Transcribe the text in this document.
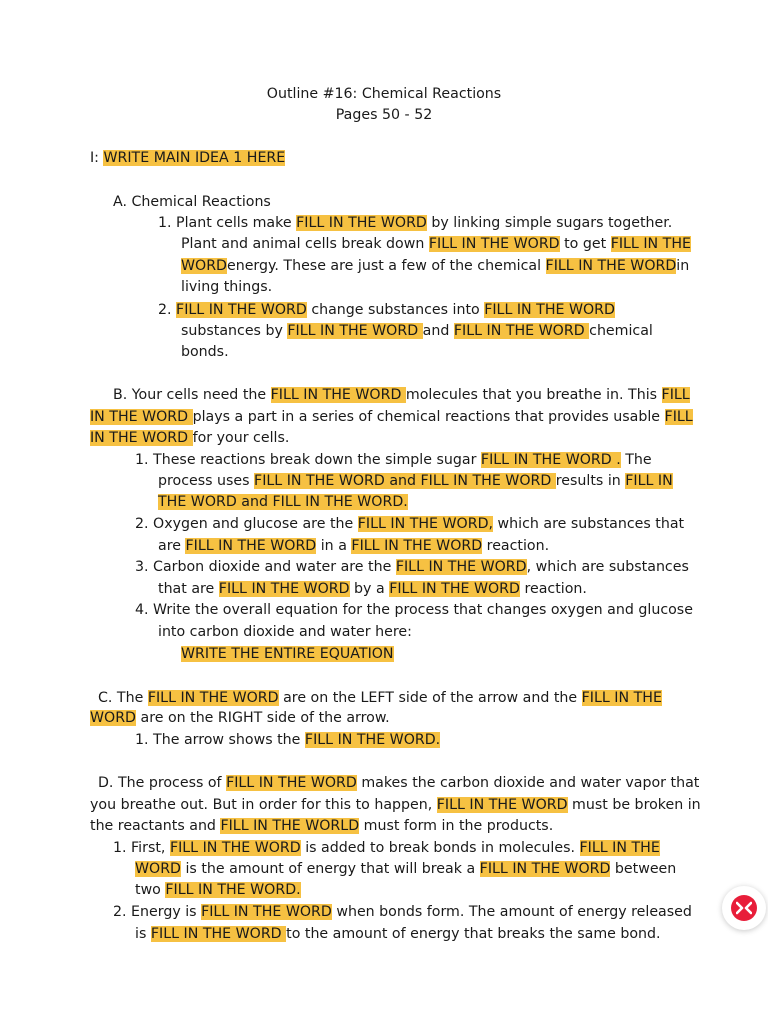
Outline #16: Chemical Reactions
Pages 50 - 52
I: WRITE MAIN IDEA 1 HERE
A. Chemical Reactions
1. Plant cells make FILL IN THE WORD by linking simple sugars together.
Plant and animal cells break down FILL IN THE WORD to get FILL IN THE
WORDenergy. These are just a few of the chemical FILL IN THE WORDin
living things.
2. FILL IN THE WORD change substances into FILL IN THE WORD
substances by FILL IN THE WORD and FILL IN THE WORD chemical
bonds.
B. Your cells need the FILL IN THE WORD molecules that you breathe in. This FILL
IN THE WORD plays a part in a series of chemical reactions that provides usable FILL
IN THE WORD for your cells.
1. These reactions break down the simple sugar FILL IN THE WORD . The
process uses FILL IN THE WORD and FILL IN THE WORD results in FILL IN
THE WORD and FILL IN THE WORD.
2. Oxygen and glucose are the FILL IN THE WORD, which are substances that
are FILL IN THE WORD in a FILL IN THE WORD reaction.
3. Carbon dioxide and water are the FILL IN THE WORD, which are substances
that are FILL IN THE WORD by a FILL IN THE WORD reaction.
4. Write the overall equation for the process that changes oxygen and glucose
into carbon dioxide and water here:
WRITE THE ENTIRE EQUATION
C. The FILL IN THE WORD are on the LEFT side of the arrow and the FILL IN THE
WORD are on the RIGHT side of the arrow.
1. The arrow shows the FILL IN THE WORD.
D. The process of FILL IN THE WORD makes the carbon dioxide and water vapor that
you breathe out. But in order for this to happen, FILL IN THE WORD must be broken in
the reactants and FILL IN THE WORLD must form in the products.
1. First, FILL IN THE WORD is added to break bonds in molecules. FILL IN THE
WORD is the amount of energy that will break a FILL IN THE WORD between
two FILL IN THE WORD.
2. Energy is FILL IN THE WORD when bonds form. The amount of energy released
is FILL IN THE WORD to the amount of energy that breaks the same bond.
